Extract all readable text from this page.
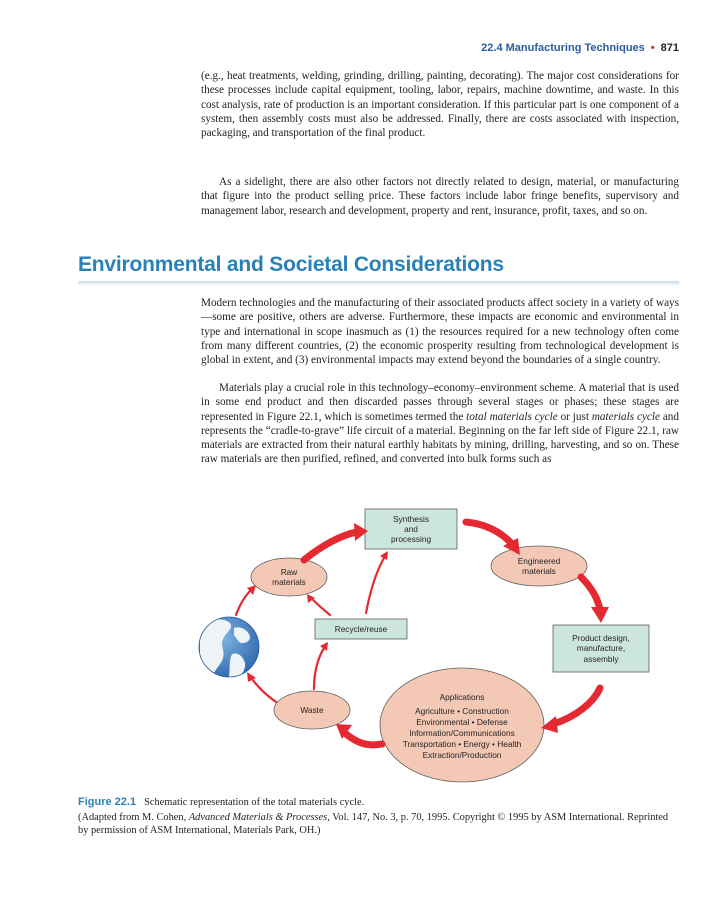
22.4 Manufacturing Techniques • 871

(e.g., heat treatments, welding, grinding, drilling, painting, decorating). The major cost considerations for these processes include capital equipment, tooling, labor, repairs, machine downtime, and waste. In this cost analysis, rate of production is an important consideration. If this particular part is one component of a system, then assembly costs must also be addressed. Finally, there are costs associated with inspection, packaging, and transportation of the final product.

As a sidelight, there are also other factors not directly related to design, material, or manufacturing that figure into the product selling price. These factors include labor fringe benefits, supervisory and management labor, research and development, property and rent, insurance, profit, taxes, and so on.

Environmental and Societal Considerations

Modern technologies and the manufacturing of their associated products affect society in a variety of ways—some are positive, others are adverse. Furthermore, these impacts are economic and environmental in type and international in scope inasmuch as (1) the resources required for a new technology often come from many different countries, (2) the economic prosperity resulting from technological development is global in extent, and (3) environmental impacts may extend beyond the boundaries of a single country.

Materials play a crucial role in this technology–economy–environment scheme. A material that is used in some end product and then discarded passes through several stages or phases; these stages are represented in Figure 22.1, which is sometimes termed the total materials cycle or just materials cycle and represents the “cradle-to-grave” life circuit of a material. Beginning on the far left side of Figure 22.1, raw materials are extracted from their natural earthly habitats by mining, drilling, harvesting, and so on. These raw materials are then purified, refined, and converted into bulk forms such as

Synthesis
and
processing
Engineered
materials
Raw
materials
Recycle/reuse
Product design,
manufacture,
assembly
Waste
Applications
Agriculture • Construction
Environmental • Defense
Information/Communications
Transportation • Energy • Health
Extraction/Production
Figure 22.1 Schematic representation of the total materials cycle.
(Adapted from M. Cohen, Advanced Materials & Processes, Vol. 147, No. 3, p. 70, 1995. Copyright © 1995 by ASM International. Reprinted by permission of ASM International, Materials Park, OH.)
